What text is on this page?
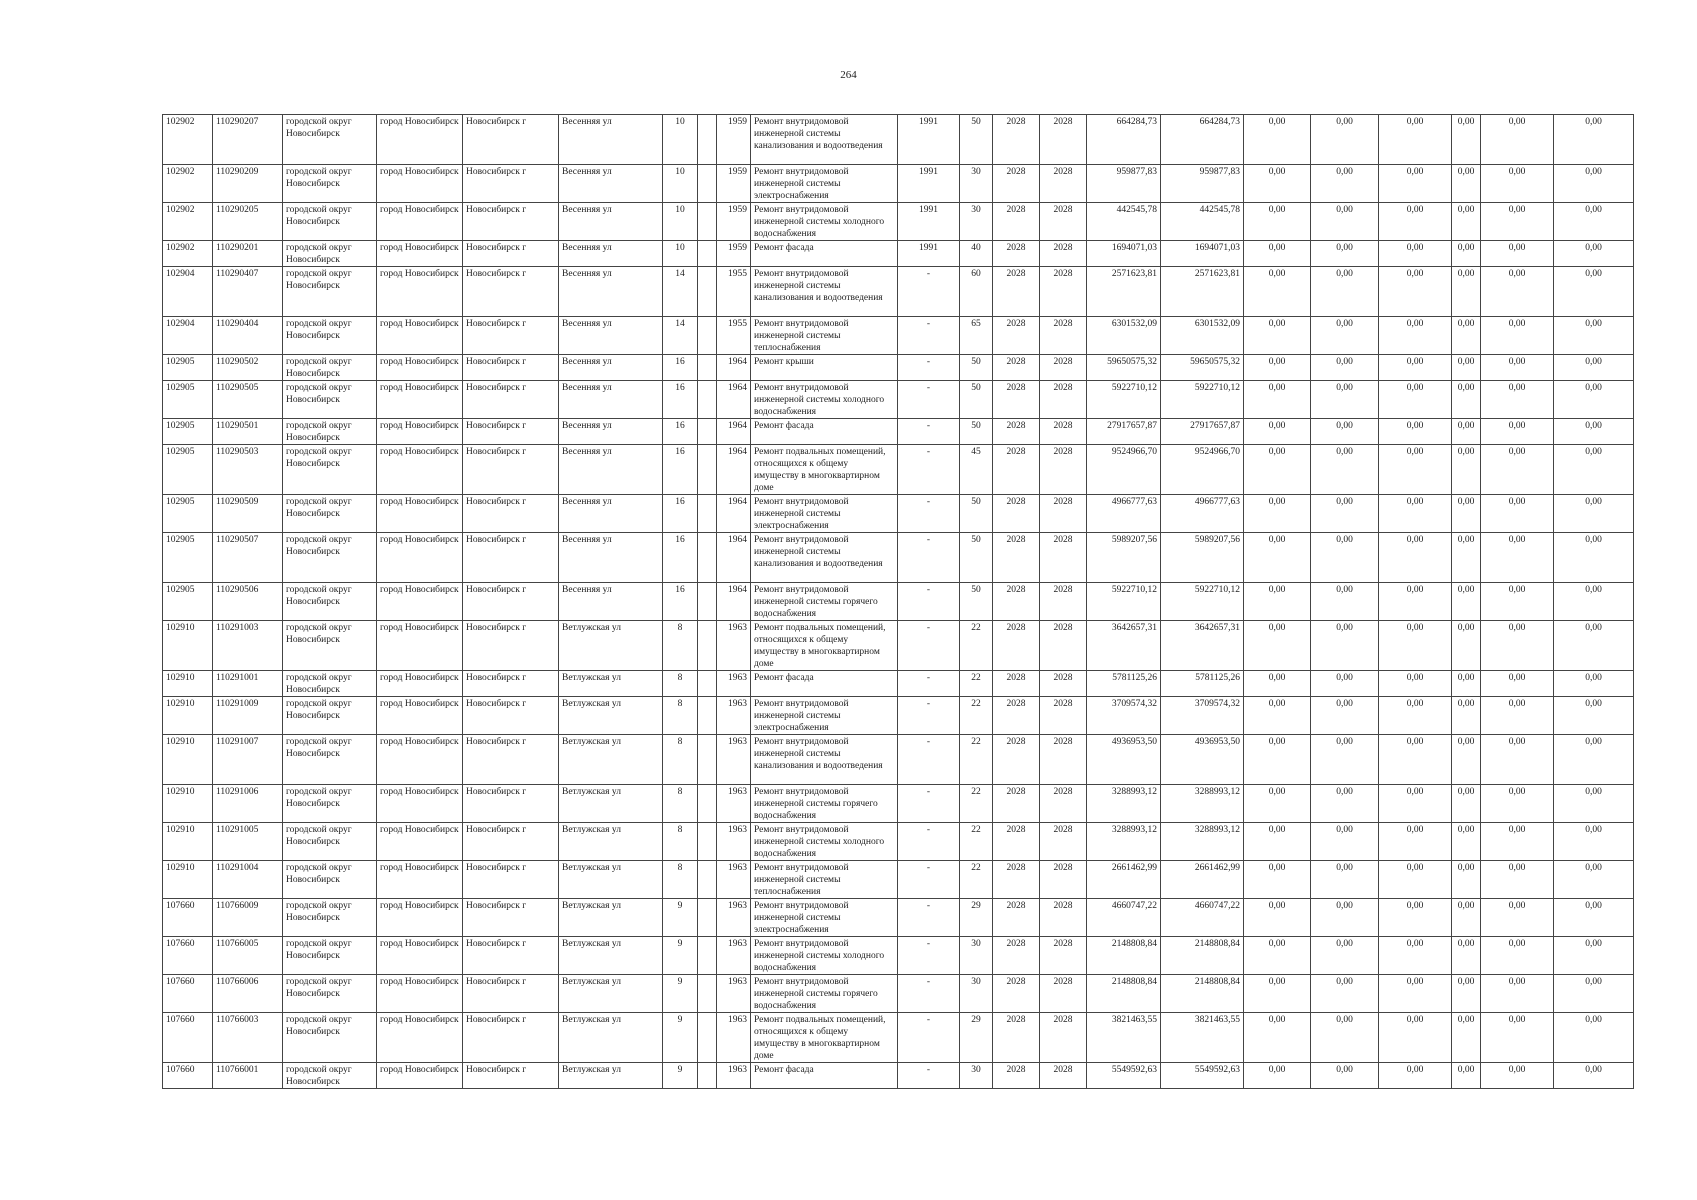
264
102902	110290207	городской округ Новосибирск	город Новосибирск	Новосибирск г	Весенняя ул	10		1959	Ремонт внутридомовой инженерной системы канализования и водоотведения	1991	50	2028	2028	664284,73	664284,73	0,00	0,00	0,00	0,00	0,00	0,00
102902	110290209	городской округ Новосибирск	город Новосибирск	Новосибирск г	Весенняя ул	10		1959	Ремонт внутридомовой инженерной системы электроснабжения	1991	30	2028	2028	959877,83	959877,83	0,00	0,00	0,00	0,00	0,00	0,00
102902	110290205	городской округ Новосибирск	город Новосибирск	Новосибирск г	Весенняя ул	10		1959	Ремонт внутридомовой инженерной системы холодного водоснабжения	1991	30	2028	2028	442545,78	442545,78	0,00	0,00	0,00	0,00	0,00	0,00
102902	110290201	городской округ Новосибирск	город Новосибирск	Новосибирск г	Весенняя ул	10		1959	Ремонт фасада	1991	40	2028	2028	1694071,03	1694071,03	0,00	0,00	0,00	0,00	0,00	0,00
102904	110290407	городской округ Новосибирск	город Новосибирск	Новосибирск г	Весенняя ул	14		1955	Ремонт внутридомовой инженерной системы канализования и водоотведения	-	60	2028	2028	2571623,81	2571623,81	0,00	0,00	0,00	0,00	0,00	0,00
102904	110290404	городской округ Новосибирск	город Новосибирск	Новосибирск г	Весенняя ул	14		1955	Ремонт внутридомовой инженерной системы теплоснабжения	-	65	2028	2028	6301532,09	6301532,09	0,00	0,00	0,00	0,00	0,00	0,00
102905	110290502	городской округ Новосибирск	город Новосибирск	Новосибирск г	Весенняя ул	16		1964	Ремонт крыши	-	50	2028	2028	59650575,32	59650575,32	0,00	0,00	0,00	0,00	0,00	0,00
102905	110290505	городской округ Новосибирск	город Новосибирск	Новосибирск г	Весенняя ул	16		1964	Ремонт внутридомовой инженерной системы холодного водоснабжения	-	50	2028	2028	5922710,12	5922710,12	0,00	0,00	0,00	0,00	0,00	0,00
102905	110290501	городской округ Новосибирск	город Новосибирск	Новосибирск г	Весенняя ул	16		1964	Ремонт фасада	-	50	2028	2028	27917657,87	27917657,87	0,00	0,00	0,00	0,00	0,00	0,00
102905	110290503	городской округ Новосибирск	город Новосибирск	Новосибирск г	Весенняя ул	16		1964	Ремонт подвальных помещений, относящихся к общему имуществу в многоквартирном доме	-	45	2028	2028	9524966,70	9524966,70	0,00	0,00	0,00	0,00	0,00	0,00
102905	110290509	городской округ Новосибирск	город Новосибирск	Новосибирск г	Весенняя ул	16		1964	Ремонт внутридомовой инженерной системы электроснабжения	-	50	2028	2028	4966777,63	4966777,63	0,00	0,00	0,00	0,00	0,00	0,00
102905	110290507	городской округ Новосибирск	город Новосибирск	Новосибирск г	Весенняя ул	16		1964	Ремонт внутридомовой инженерной системы канализования и водоотведения	-	50	2028	2028	5989207,56	5989207,56	0,00	0,00	0,00	0,00	0,00	0,00
102905	110290506	городской округ Новосибирск	город Новосибирск	Новосибирск г	Весенняя ул	16		1964	Ремонт внутридомовой инженерной системы горячего водоснабжения	-	50	2028	2028	5922710,12	5922710,12	0,00	0,00	0,00	0,00	0,00	0,00
102910	110291003	городской округ Новосибирск	город Новосибирск	Новосибирск г	Ветлужская ул	8		1963	Ремонт подвальных помещений, относящихся к общему имуществу в многоквартирном доме	-	22	2028	2028	3642657,31	3642657,31	0,00	0,00	0,00	0,00	0,00	0,00
102910	110291001	городской округ Новосибирск	город Новосибирск	Новосибирск г	Ветлужская ул	8		1963	Ремонт фасада	-	22	2028	2028	5781125,26	5781125,26	0,00	0,00	0,00	0,00	0,00	0,00
102910	110291009	городской округ Новосибирск	город Новосибирск	Новосибирск г	Ветлужская ул	8		1963	Ремонт внутридомовой инженерной системы электроснабжения	-	22	2028	2028	3709574,32	3709574,32	0,00	0,00	0,00	0,00	0,00	0,00
102910	110291007	городской округ Новосибирск	город Новосибирск	Новосибирск г	Ветлужская ул	8		1963	Ремонт внутридомовой инженерной системы канализования и водоотведения	-	22	2028	2028	4936953,50	4936953,50	0,00	0,00	0,00	0,00	0,00	0,00
102910	110291006	городской округ Новосибирск	город Новосибирск	Новосибирск г	Ветлужская ул	8		1963	Ремонт внутридомовой инженерной системы горячего водоснабжения	-	22	2028	2028	3288993,12	3288993,12	0,00	0,00	0,00	0,00	0,00	0,00
102910	110291005	городской округ Новосибирск	город Новосибирск	Новосибирск г	Ветлужская ул	8		1963	Ремонт внутридомовой инженерной системы холодного водоснабжения	-	22	2028	2028	3288993,12	3288993,12	0,00	0,00	0,00	0,00	0,00	0,00
102910	110291004	городской округ Новосибирск	город Новосибирск	Новосибирск г	Ветлужская ул	8		1963	Ремонт внутридомовой инженерной системы теплоснабжения	-	22	2028	2028	2661462,99	2661462,99	0,00	0,00	0,00	0,00	0,00	0,00
107660	110766009	городской округ Новосибирск	город Новосибирск	Новосибирск г	Ветлужская ул	9		1963	Ремонт внутридомовой инженерной системы электроснабжения	-	29	2028	2028	4660747,22	4660747,22	0,00	0,00	0,00	0,00	0,00	0,00
107660	110766005	городской округ Новосибирск	город Новосибирск	Новосибирск г	Ветлужская ул	9		1963	Ремонт внутридомовой инженерной системы холодного водоснабжения	-	30	2028	2028	2148808,84	2148808,84	0,00	0,00	0,00	0,00	0,00	0,00
107660	110766006	городской округ Новосибирск	город Новосибирск	Новосибирск г	Ветлужская ул	9		1963	Ремонт внутридомовой инженерной системы горячего водоснабжения	-	30	2028	2028	2148808,84	2148808,84	0,00	0,00	0,00	0,00	0,00	0,00
107660	110766003	городской округ Новосибирск	город Новосибирск	Новосибирск г	Ветлужская ул	9		1963	Ремонт подвальных помещений, относящихся к общему имуществу в многоквартирном доме	-	29	2028	2028	3821463,55	3821463,55	0,00	0,00	0,00	0,00	0,00	0,00
107660	110766001	городской округ Новосибирск	город Новосибирск	Новосибирск г	Ветлужская ул	9		1963	Ремонт фасада	-	30	2028	2028	5549592,63	5549592,63	0,00	0,00	0,00	0,00	0,00	0,00
